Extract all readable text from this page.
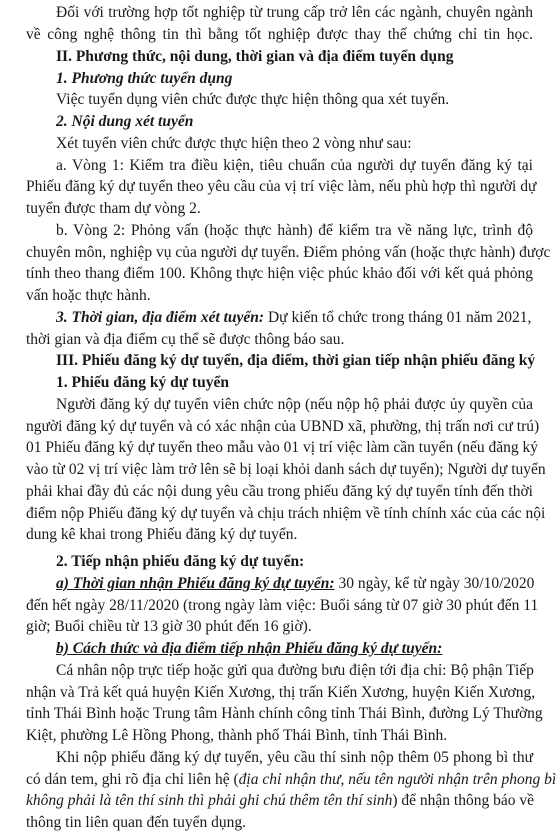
Đối với trường hợp tốt nghiệp từ trung cấp trở lên các ngành, chuyên ngành
về công nghệ thông tin thì bằng tốt nghiệp được thay thế chứng chỉ tin học.
II. Phương thức, nội dung, thời gian và địa điểm tuyển dụng
1. Phương thức tuyển dụng
Việc tuyển dụng viên chức được thực hiện thông qua xét tuyển.
2. Nội dung xét tuyển
Xét tuyển viên chức được thực hiện theo 2 vòng như sau:
a. Vòng 1: Kiểm tra điều kiện, tiêu chuẩn của người dự tuyển đăng ký tại
Phiếu đăng ký dự tuyển theo yêu cầu của vị trí việc làm, nếu phù hợp thì người dự
tuyển được tham dự vòng 2.
b. Vòng 2: Phỏng vấn (hoặc thực hành) để kiểm tra về năng lực, trình độ
chuyên môn, nghiệp vụ của người dự tuyển. Điểm phỏng vấn (hoặc thực hành) được
tính theo thang điểm 100. Không thực hiện việc phúc khảo đối với kết quả phỏng
vấn hoặc thực hành.
3. Thời gian, địa điểm xét tuyển: Dự kiến tổ chức trong tháng 01 năm 2021,
thời gian và địa điểm cụ thể sẽ được thông báo sau.
III. Phiếu đăng ký dự tuyển, địa điểm, thời gian tiếp nhận phiếu đăng ký
1. Phiếu đăng ký dự tuyển
Người đăng ký dự tuyển viên chức nộp (nếu nộp hộ phải được ủy quyền của
người đăng ký dự tuyển và có xác nhận của UBND xã, phường, thị trấn nơi cư trú)
01 Phiếu đăng ký dự tuyển theo mẫu vào 01 vị trí việc làm cần tuyển (nếu đăng ký
vào từ 02 vị trí việc làm trở lên sẽ bị loại khỏi danh sách dự tuyển); Người dự tuyển
phải khai đầy đủ các nội dung yêu cầu trong phiếu đăng ký dự tuyển tính đến thời
điểm nộp Phiếu đăng ký dự tuyển và chịu trách nhiệm về tính chính xác của các nội
dung kê khai trong Phiếu đăng ký dự tuyển.
2. Tiếp nhận phiếu đăng ký dự tuyển:
a) Thời gian nhận Phiếu đăng ký dự tuyển: 30 ngày, kể từ ngày 30/10/2020
đến hết ngày 28/11/2020 (trong ngày làm việc: Buổi sáng từ 07 giờ 30 phút đến 11
giờ; Buổi chiều từ 13 giờ 30 phút đến 16 giờ).
b) Cách thức và địa điểm tiếp nhận Phiếu đăng ký dự tuyển:
Cá nhân nộp trực tiếp hoặc gửi qua đường bưu điện tới địa chỉ: Bộ phận Tiếp
nhận và Trả kết quả huyện Kiến Xương, thị trấn Kiến Xương, huyện Kiến Xương,
tỉnh Thái Bình hoặc Trung tâm Hành chính công tỉnh Thái Bình, đường Lý Thường
Kiệt, phường Lê Hồng Phong, thành phố Thái Bình, tỉnh Thái Bình.
Khi nộp phiếu đăng ký dự tuyển, yêu cầu thí sinh nộp thêm 05 phong bì thư
có dán tem, ghi rõ địa chỉ liên hệ (địa chỉ nhận thư, nếu tên người nhận trên phong bì
không phải là tên thí sinh thì phải ghi chú thêm tên thí sinh) để nhận thông báo về
thông tin liên quan đến tuyển dụng.
